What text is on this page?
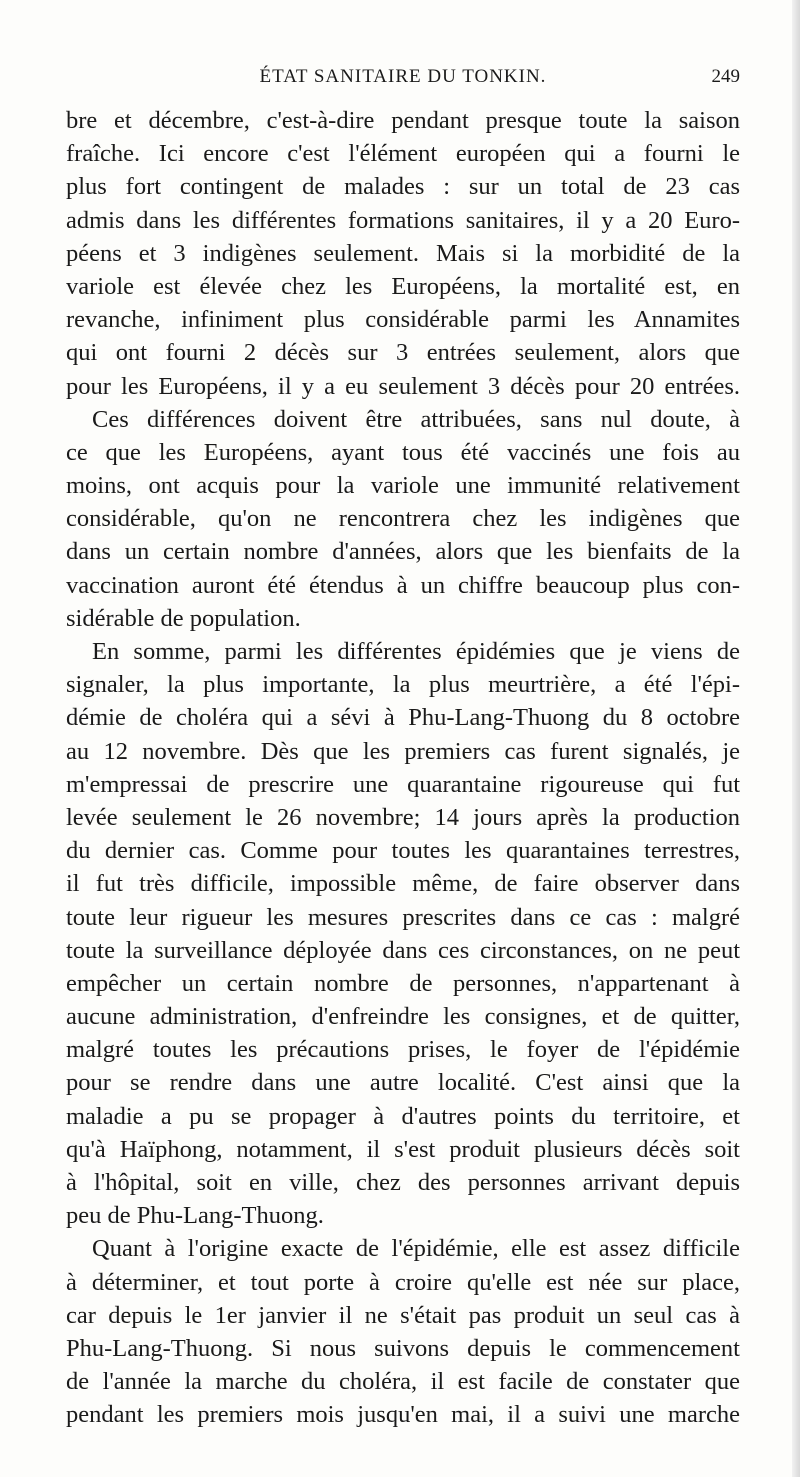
ÉTAT SANITAIRE DU TONKIN.	249
bre et décembre, c'est-à-dire pendant presque toute la saison
fraîche. Ici encore c'est l'élément européen qui a fourni le
plus fort contingent de malades : sur un total de 23 cas
admis dans les différentes formations sanitaires, il y a 20 Euro-
péens et 3 indigènes seulement. Mais si la morbidité de la
variole est élevée chez les Européens, la mortalité est, en
revanche, infiniment plus considérable parmi les Annamites
qui ont fourni 2 décès sur 3 entrées seulement, alors que
pour les Européens, il y a eu seulement 3 décès pour 20 entrées.
Ces différences doivent être attribuées, sans nul doute, à
ce que les Européens, ayant tous été vaccinés une fois au
moins, ont acquis pour la variole une immunité relativement
considérable, qu'on ne rencontrera chez les indigènes que
dans un certain nombre d'années, alors que les bienfaits de la
vaccination auront été étendus à un chiffre beaucoup plus con-
sidérable de population.
En somme, parmi les différentes épidémies que je viens de
signaler, la plus importante, la plus meurtrière, a été l'épi-
démie de choléra qui a sévi à Phu-Lang-Thuong du 8 octobre
au 12 novembre. Dès que les premiers cas furent signalés, je
m'empressai de prescrire une quarantaine rigoureuse qui fut
levée seulement le 26 novembre; 14 jours après la production
du dernier cas. Comme pour toutes les quarantaines terrestres,
il fut très difficile, impossible même, de faire observer dans
toute leur rigueur les mesures prescrites dans ce cas : malgré
toute la surveillance déployée dans ces circonstances, on ne peut
empêcher un certain nombre de personnes, n'appartenant à
aucune administration, d'enfreindre les consignes, et de quitter,
malgré toutes les précautions prises, le foyer de l'épidémie
pour se rendre dans une autre localité. C'est ainsi que la
maladie a pu se propager à d'autres points du territoire, et
qu'à Haïphong, notamment, il s'est produit plusieurs décès soit
à l'hôpital, soit en ville, chez des personnes arrivant depuis
peu de Phu-Lang-Thuong.
Quant à l'origine exacte de l'épidémie, elle est assez difficile
à déterminer, et tout porte à croire qu'elle est née sur place,
car depuis le 1er janvier il ne s'était pas produit un seul cas à
Phu-Lang-Thuong. Si nous suivons depuis le commencement
de l'année la marche du choléra, il est facile de constater que
pendant les premiers mois jusqu'en mai, il a suivi une marche
